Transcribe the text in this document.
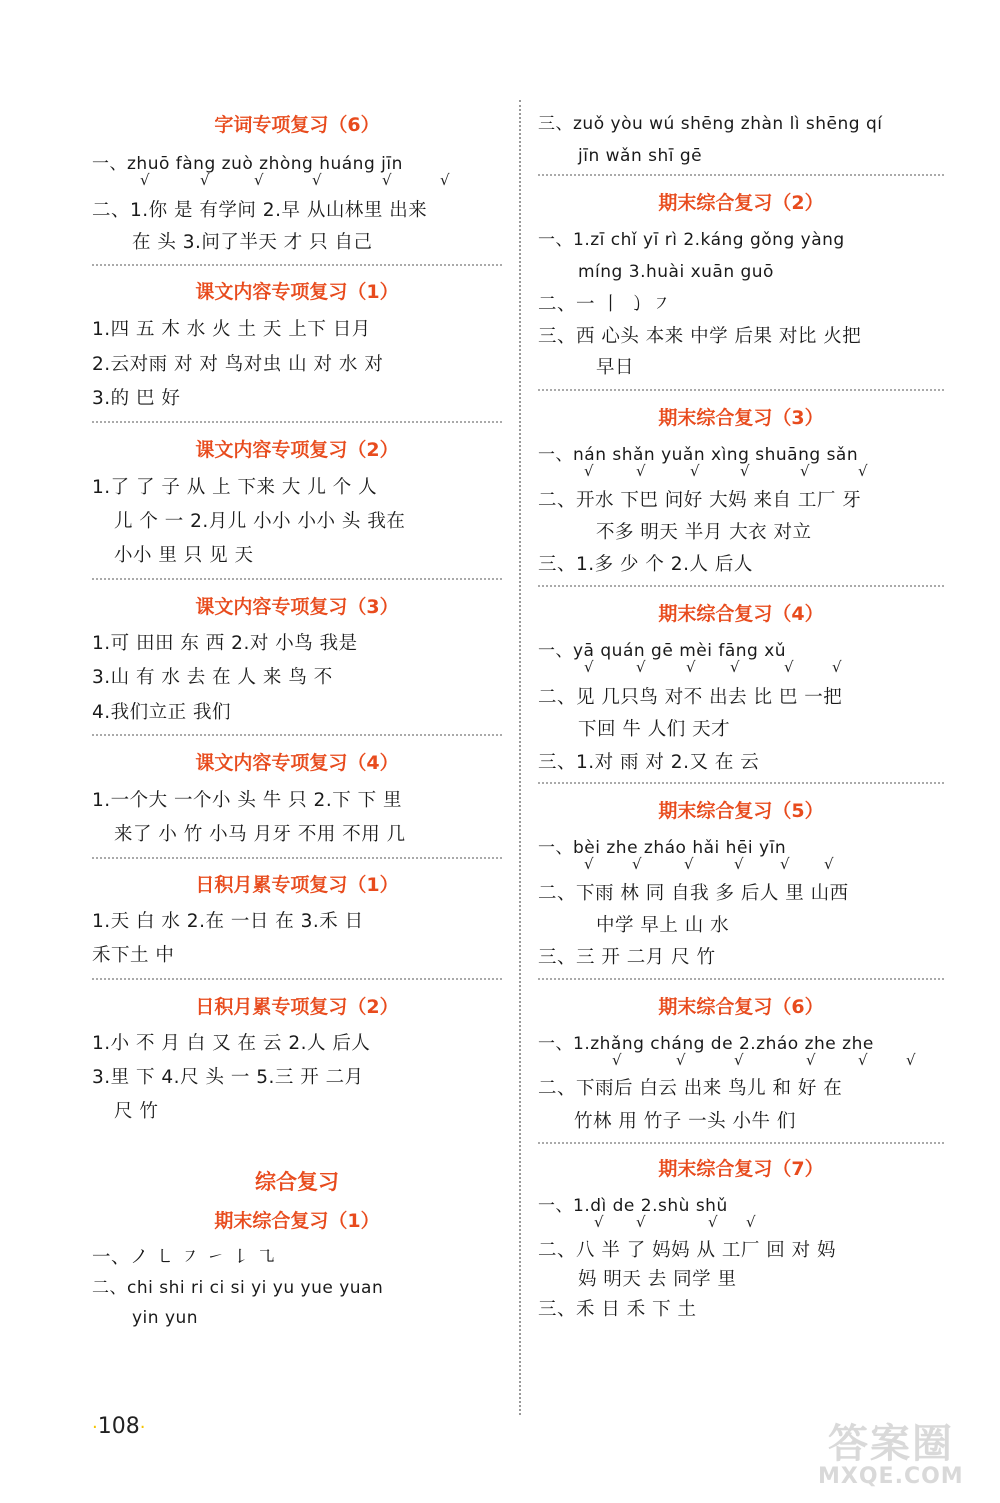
字词专项复习（6）
一、zhuō fàng zuò zhòng huáng jīn
√	√	√	√	√	√
二、1.你 是 有学问 2.早 从山林里 出来
在 头 3.问了半天 才 只 自己
课文内容专项复习（1）
1.四 五 木 水 火 土 天 上下 日月
2.云对雨 对 对 鸟对虫 山 对 水 对
3.的 巴 好
课文内容专项复习（2）
1.了 了 子 从 上 下来 大 儿 个 人
儿 个 一 2.月儿 小小 小小 头 我在
小小 里 只 见 天
课文内容专项复习（3）
1.可 田田 东 西 2.对 小鸟 我是
3.山 有 水 去 在 人 来 鸟 不
4.我们立正 我们
课文内容专项复习（4）
1.一个大 一个小 头 牛 只 2.下 下 里
来了 小 竹 小马 月牙 不用 不用 几
日积月累专项复习（1）
1.天 白 水 2.在 一日 在 3.禾 日
禾下土 中
日积月累专项复习（2）
1.小 不 月 白 又 在 云 2.人 后人
3.里 下 4.尺 头 一 5.三 开 二月
尺 竹
综合复习
期末综合复习（1）
一、ノ ㇄ ㇇ ㇀ ㇙ ㇈
二、chi shi ri ci si yi yu yue yuan
yin yun
三、zuǒ yòu wú shēng zhàn lì shēng qí
jīn wǎn shī gē
期末综合复习（2）
一、1.zī chǐ yī rì 2.káng gǒng yàng
míng 3.huài xuān guō
二、一 丨 ㇁ ㇇
三、西 心头 本来 中学 后果 对比 火把
早日
期末综合复习（3）
一、nán shǎn yuǎn xìng shuāng sǎn
√	√	√	√	√	√
二、开水 下巴 问好 大妈 来自 工厂 牙
不多 明天 半月 大衣 对立
三、1.多 少 个 2.人 后人
期末综合复习（4）
一、yā quán gē mèi fāng xǔ
√	√	√ √	√	√
二、见 几只鸟 对不 出去 比 巴 一把
下回 牛 人们 天才
三、1.对 雨 对 2.又 在 云
期末综合复习（5）
一、bèi zhe zháo hǎi hēi yīn
√	√	√	√ √ √
二、下雨 林 同 自我 多 后人 里 山西
中学 早上 山 水
三、三 开 二月 尺 竹
期末综合复习（6）
一、1.zhǎng cháng de 2.zháo zhe zhe
√	√	√	√	√	√
二、下雨后 白云 出来 鸟儿 和 好 在
竹林 用 竹子 一头 小牛 们
期末综合复习（7）
一、1.dì de 2.shù shǔ
√ √	√ √
二、八 半 了 妈妈 从 工厂 回 对 妈
妈 明天 去 同学 里
三、禾 日 禾 下 土
·108·	答案圈
MXQE.COM
